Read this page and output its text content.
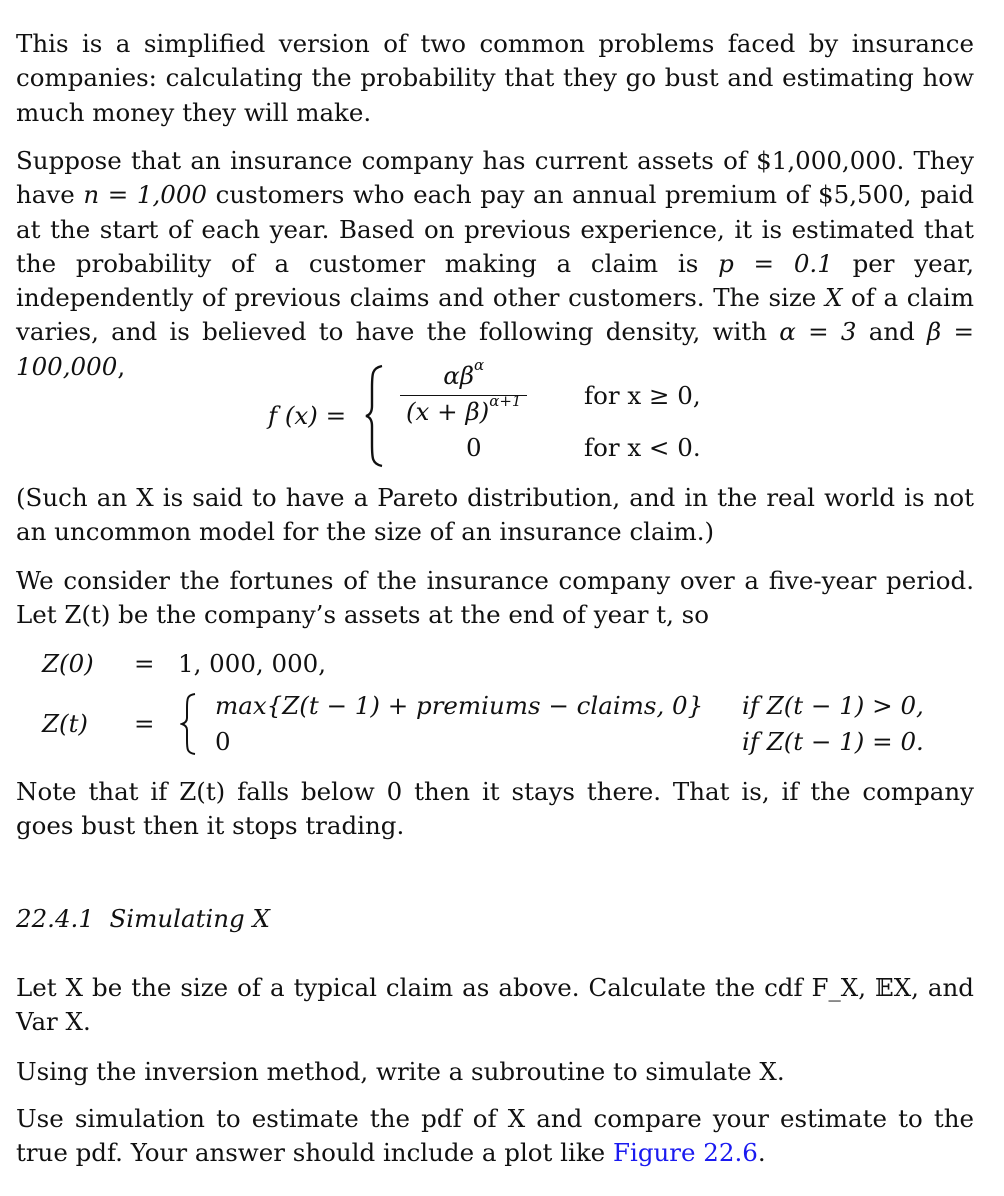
This is a simplified version of two common problems faced by insurance companies: calculating the probability that they go bust and estimating how much money they will make.

Suppose that an insurance company has current assets of $1,000,000. They have n = 1,000 customers who each pay an annual premium of $5,500, paid at the start of each year. Based on previous experience, it is estimated that the probability of a customer making a claim is p = 0.1 per year, independently of previous claims and other customers. The size X of a claim varies, and is believed to have the following density, with α = 3 and β = 100,000,

f $(x) = \frac{\alpha\beta^\alpha}{(x + \beta)^{\alpha+1}}$ for x ≥ 0,
0	for x < 0.

(Such an X is said to have a Pareto distribution, and in the real world is not an uncommon model for the size of an insurance claim.)

We consider the fortunes of the insurance company over a five-year period. Let Z(t) be the company’s assets at the end of year t, so

Z(0) = 1, 000, 000,
Z(t) =
max{Z(t − 1) + premiums − claims, 0} if Z(t − 1) > 0,
0	if Z(t − 1) = 0.

Note that if Z(t) falls below 0 then it stays there. That is, if the company goes bust then it stops trading.

22.4.1 Simulating X

Let X be the size of a typical claim as above. Calculate the cdf F_X, 𝔼X, and Var X.

Using the inversion method, write a subroutine to simulate X.

Use simulation to estimate the pdf of X and compare your estimate to the true pdf. Your answer should include a plot like Figure 22.6.
